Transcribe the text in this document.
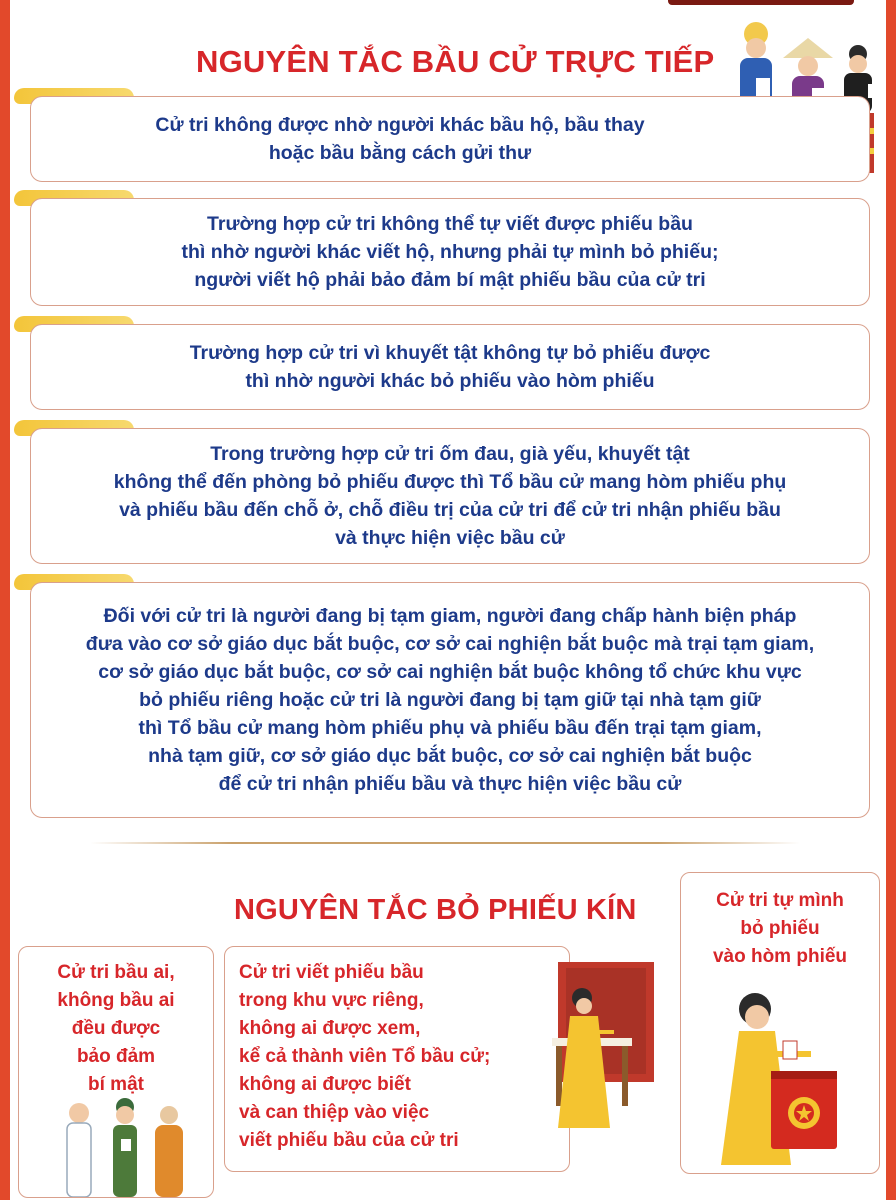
NGUYÊN TẮC BẦU CỬ TRỰC TIẾP
Cử tri không được nhờ người khác bầu hộ, bầu thay
hoặc bầu bằng cách gửi thư
Trường hợp cử tri không thể tự viết được phiếu bầu
thì nhờ người khác viết hộ, nhưng phải tự mình bỏ phiếu;
người viết hộ phải bảo đảm bí mật phiếu bầu của cử tri
Trường hợp cử tri vì khuyết tật không tự bỏ phiếu được
thì nhờ người khác bỏ phiếu vào hòm phiếu
Trong trường hợp cử tri ốm đau, già yếu, khuyết tật
không thể đến phòng bỏ phiếu được thì Tổ bầu cử mang hòm phiếu phụ
và phiếu bầu đến chỗ ở, chỗ điều trị của cử tri để cử tri nhận phiếu bầu
và thực hiện việc bầu cử
Đối với cử tri là người đang bị tạm giam, người đang chấp hành biện pháp
đưa vào cơ sở giáo dục bắt buộc, cơ sở cai nghiện bắt buộc mà trại tạm giam,
cơ sở giáo dục bắt buộc, cơ sở cai nghiện bắt buộc không tổ chức khu vực
bỏ phiếu riêng hoặc cử tri là người đang bị tạm giữ tại nhà tạm giữ
thì Tổ bầu cử mang hòm phiếu phụ và phiếu bầu đến trại tạm giam,
nhà tạm giữ, cơ sở giáo dục bắt buộc, cơ sở cai nghiện bắt buộc
để cử tri nhận phiếu bầu và thực hiện việc bầu cử
NGUYÊN TẮC BỎ PHIẾU KÍN
Cử tri bầu ai,
không bầu ai
đều được
bảo đảm
bí mật
Cử tri viết phiếu bầu
trong khu vực riêng,
không ai được xem,
kể cả thành viên Tổ bầu cử;
không ai được biết
và can thiệp vào việc
viết phiếu bầu của cử tri
Cử tri tự mình
bỏ phiếu
vào hòm phiếu
